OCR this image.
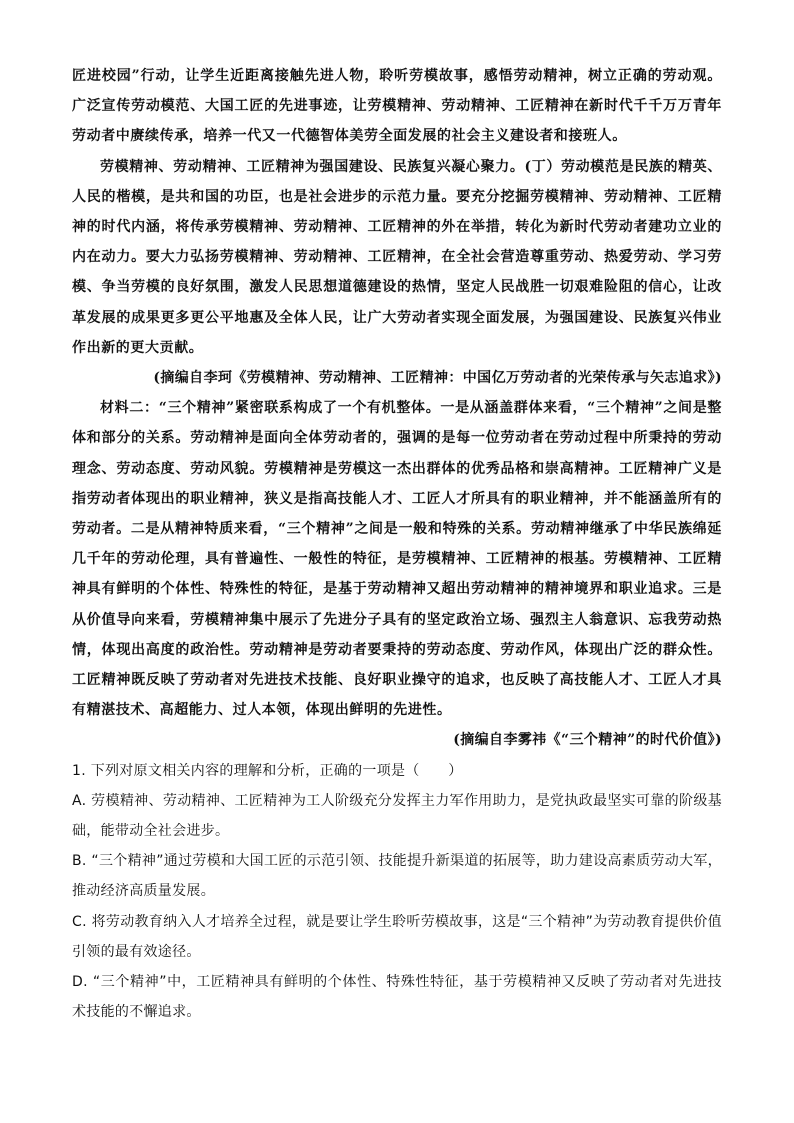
匠进校园”行动，让学生近距离接触先进人物，聆听劳模故事，感悟劳动精神，树立正确的劳动观。广泛宣传劳动模范、大国工匠的先进事迹，让劳模精神、劳动精神、工匠精神在新时代千千万万青年劳动者中赓续传承，培养一代又一代德智体美劳全面发展的社会主义建设者和接班人。

劳模精神、劳动精神、工匠精神为强国建设、民族复兴凝心聚力。(丁）劳动模范是民族的精英、人民的楷模，是共和国的功臣，也是社会进步的示范力量。要充分挖掘劳模精神、劳动精神、工匠精神的时代内涵，将传承劳模精神、劳动精神、工匠精神的外在举措，转化为新时代劳动者建功立业的内在动力。要大力弘扬劳模精神、劳动精神、工匠精神，在全社会营造尊重劳动、热爱劳动、学习劳模、争当劳模的良好氛围，激发人民思想道德建设的热情，坚定人民战胜一切艰难险阻的信心，让改革发展的成果更多更公平地惠及全体人民，让广大劳动者实现全面发展，为强国建设、民族复兴伟业作出新的更大贡献。

(摘编自李珂《劳模精神、劳动精神、工匠精神：中国亿万劳动者的光荣传承与矢志追求》)

材料二：“三个精神”紧密联系构成了一个有机整体。一是从涵盖群体来看，“三个精神”之间是整体和部分的关系。劳动精神是面向全体劳动者的，强调的是每一位劳动者在劳动过程中所秉持的劳动理念、劳动态度、劳动风貌。劳模精神是劳模这一杰出群体的优秀品格和崇高精神。工匠精神广义是指劳动者体现出的职业精神，狭义是指高技能人才、工匠人才所具有的职业精神，并不能涵盖所有的劳动者。二是从精神特质来看，“三个精神”之间是一般和特殊的关系。劳动精神继承了中华民族绵延几千年的劳动伦理，具有普遍性、一般性的特征，是劳模精神、工匠精神的根基。劳模精神、工匠精神具有鲜明的个体性、特殊性的特征，是基于劳动精神又超出劳动精神的精神境界和职业追求。三是从价值导向来看，劳模精神集中展示了先进分子具有的坚定政治立场、强烈主人翁意识、忘我劳动热情，体现出高度的政治性。劳动精神是劳动者要秉持的劳动态度、劳动作风，体现出广泛的群众性。工匠精神既反映了劳动者对先进技术技能、良好职业操守的追求，也反映了高技能人才、工匠人才具有精湛技术、高超能力、过人本领，体现出鲜明的先进性。

(摘编自李雾祎《“三个精神”的时代价值》)

1. 下列对原文相关内容的理解和分析，正确的一项是（　　）

A. 劳模精神、劳动精神、工匠精神为工人阶级充分发挥主力军作用助力，是党执政最坚实可靠的阶级基础，能带动全社会进步。

B. “三个精神”通过劳模和大国工匠的示范引领、技能提升新渠道的拓展等，助力建设高素质劳动大军，推动经济高质量发展。

C. 将劳动教育纳入人才培养全过程，就是要让学生聆听劳模故事，这是“三个精神”为劳动教育提供价值引领的最有效途径。

D. “三个精神”中，工匠精神具有鲜明的个体性、特殊性特征，基于劳模精神又反映了劳动者对先进技术技能的不懈追求。
